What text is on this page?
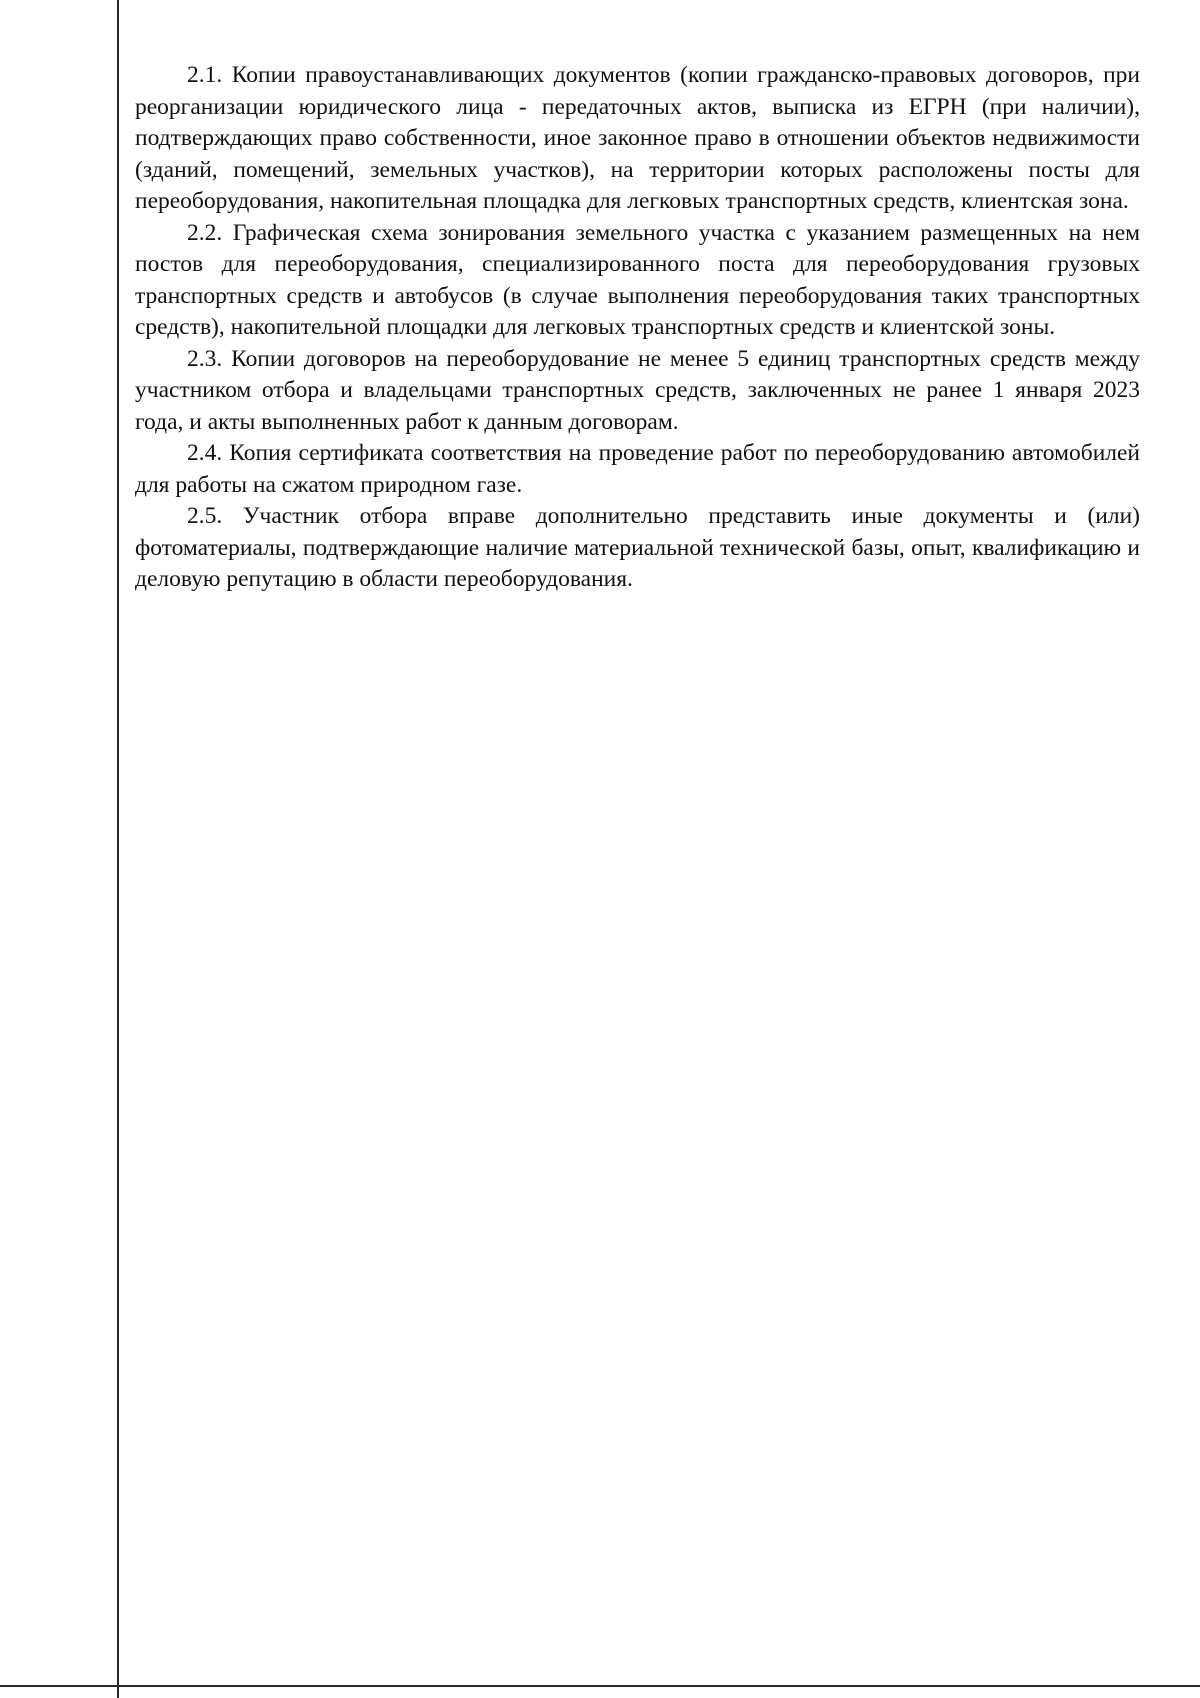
2.1. Копии правоустанавливающих документов (копии гражданско-правовых договоров, при реорганизации юридического лица - передаточных актов, выписка из ЕГРН (при наличии), подтверждающих право собственности, иное законное право в отношении объектов недвижимости (зданий, помещений, земельных участков), на территории которых расположены посты для переоборудования, накопительная площадка для легковых транспортных средств, клиентская зона.

2.2. Графическая схема зонирования земельного участка с указанием размещенных на нем постов для переоборудования, специализированного поста для переоборудования грузовых транспортных средств и автобусов (в случае выполнения переоборудования таких транспортных средств), накопительной площадки для легковых транспортных средств и клиентской зоны.

2.3. Копии договоров на переоборудование не менее 5 единиц транспортных средств между участником отбора и владельцами транспортных средств, заключенных не ранее 1 января 2023 года, и акты выполненных работ к данным договорам.

2.4. Копия сертификата соответствия на проведение работ по переоборудованию автомобилей для работы на сжатом природном газе.

2.5. Участник отбора вправе дополнительно представить иные документы и (или) фотоматериалы, подтверждающие наличие материальной технической базы, опыт, квалификацию и деловую репутацию в области переоборудования.
